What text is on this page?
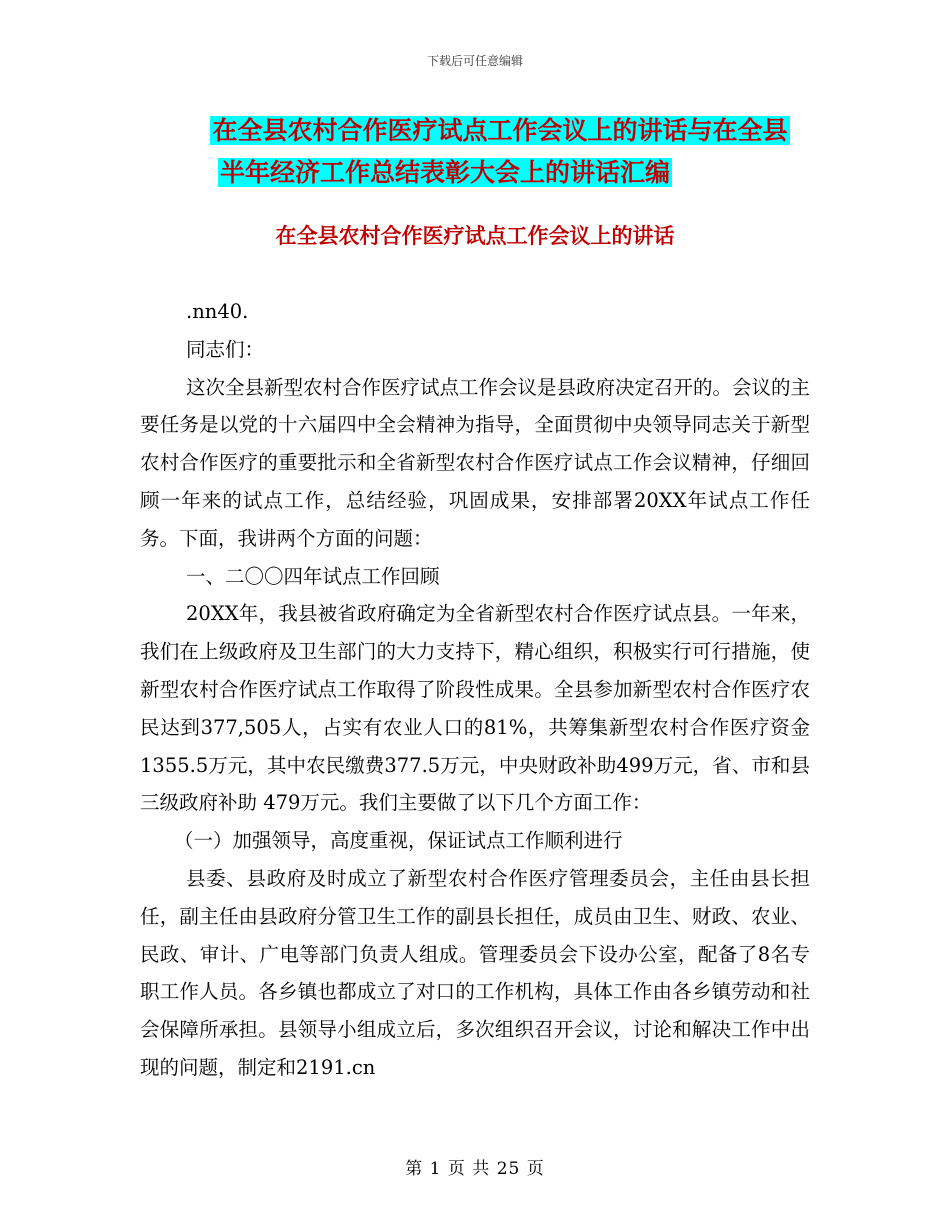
下载后可任意编辑
在全县农村合作医疗试点工作会议上的讲话与在全县
半年经济工作总结表彰大会上的讲话汇编
在全县农村合作医疗试点工作会议上的讲话

.nn40.

同志们：

这次全县新型农村合作医疗试点工作会议是县政府决定召开的。会议的主要任务是以党的十六届四中全会精神为指导，全面贯彻中央领导同志关于新型农村合作医疗的重要批示和全省新型农村合作医疗试点工作会议精神，仔细回顾一年来的试点工作，总结经验，巩固成果，安排部署20XX年试点工作任务。下面，我讲两个方面的问题：

一、二〇〇四年试点工作回顾

20XX年，我县被省政府确定为全省新型农村合作医疗试点县。一年来，我们在上级政府及卫生部门的大力支持下，精心组织，积极实行可行措施，使新型农村合作医疗试点工作取得了阶段性成果。全县参加新型农村合作医疗农民达到377,505人，占实有农业人口的81%，共筹集新型农村合作医疗资金1355.5万元，其中农民缴费377.5万元，中央财政补助499万元，省、市和县三级政府补助 479万元。我们主要做了以下几个方面工作：

（一）加强领导，高度重视，保证试点工作顺利进行

县委、县政府及时成立了新型农村合作医疗管理委员会，主任由县长担任，副主任由县政府分管卫生工作的副县长担任，成员由卫生、财政、农业、民政、审计、广电等部门负责人组成。管理委员会下设办公室，配备了8名专职工作人员。各乡镇也都成立了对口的工作机构，具体工作由各乡镇劳动和社会保障所承担。县领导小组成立后，多次组织召开会议，讨论和解决工作中出现的问题，制定和2191.cn

第 1 页 共 25 页
